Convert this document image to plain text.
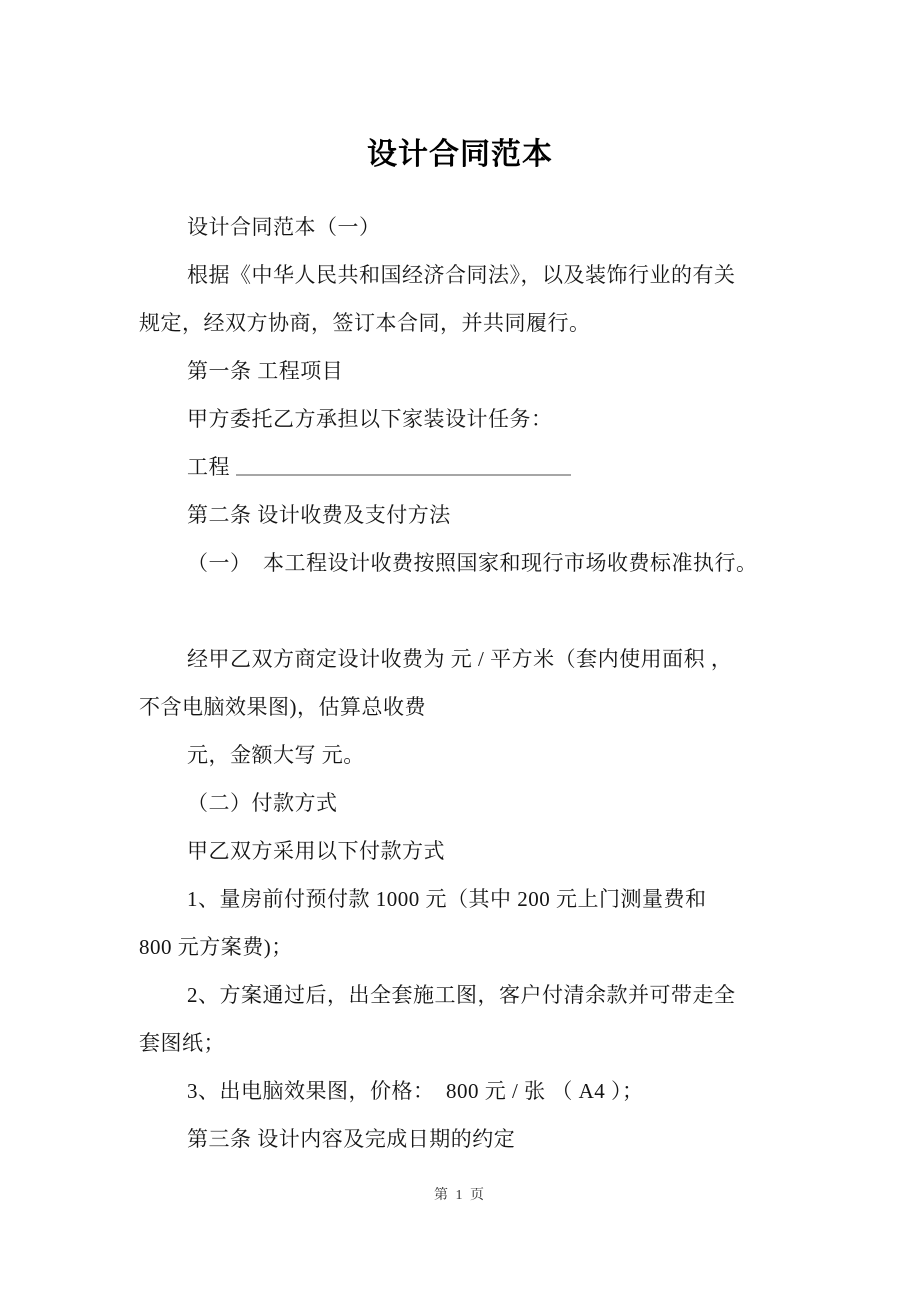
设计合同范本
设计合同范本（一）
根据《中华人民共和国经济合同法》，以及装饰行业的有关
规定，经双方协商，签订本合同，并共同履行。
第一条 工程项目
甲方委托乙方承担以下家装设计任务：
工程
第二条 设计收费及支付方法
（一）  本工程设计收费按照国家和现行市场收费标准执行。
经甲乙双方商定设计收费为 元 / 平方米（套内使用面积 ，
不含电脑效果图)，估算总收费
元，金额大写 元。
（二）付款方式
甲乙双方采用以下付款方式
1、量房前付预付款 1000 元（其中 200 元上门测量费和
800 元方案费)；
2、方案通过后，出全套施工图，客户付清余款并可带走全
套图纸；
3、出电脑效果图，价格：  800 元 / 张 （ A4 ）；
第三条 设计内容及完成日期的约定
第 1 页
